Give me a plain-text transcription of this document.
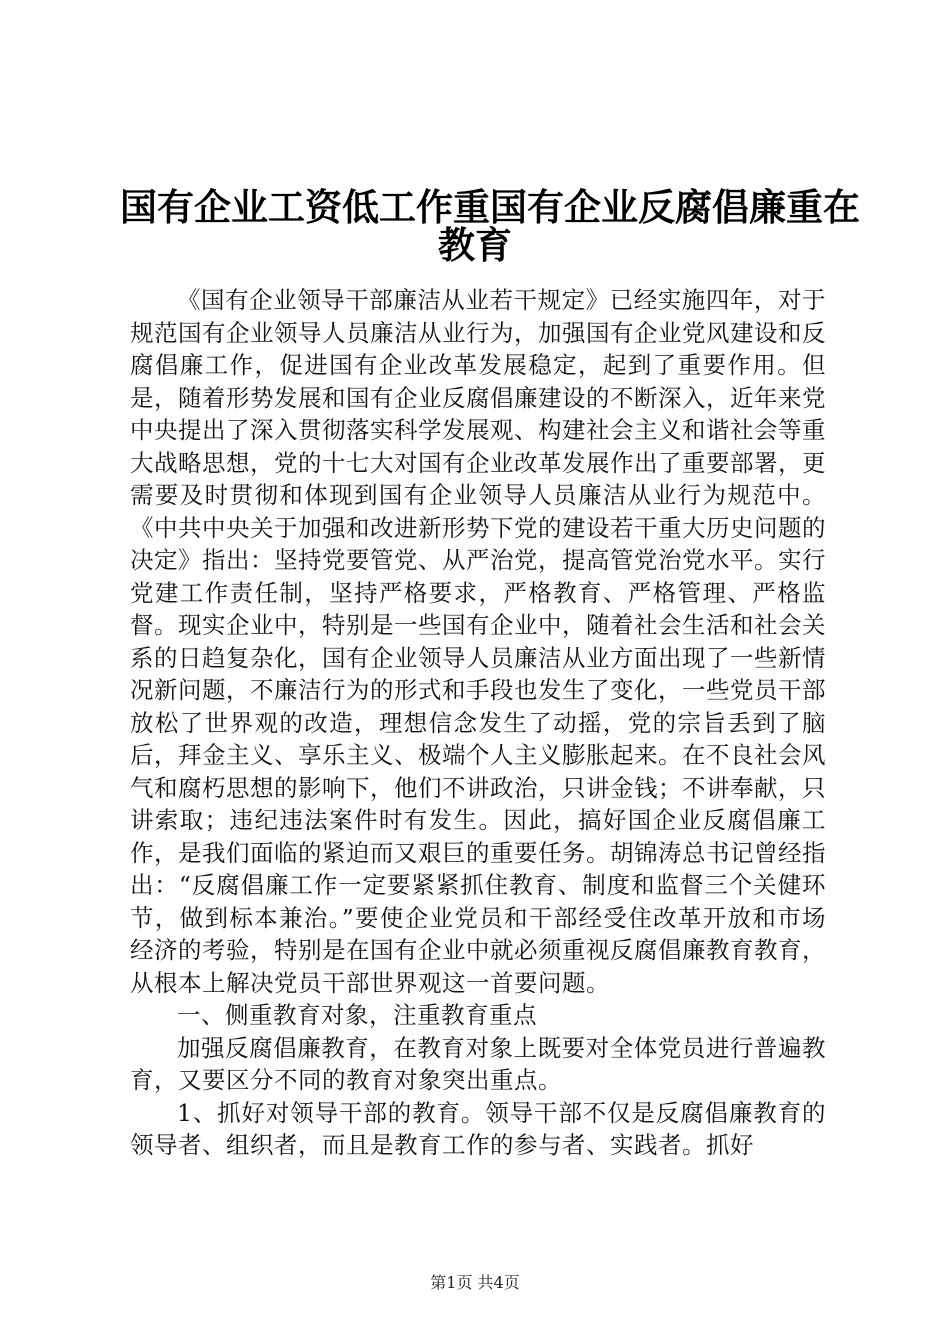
国有企业工资低工作重国有企业反腐倡廉重在
教育

《国有企业领导干部廉洁从业若干规定》已经实施四年，对于规范国有企业领导人员廉洁从业行为，加强国有企业党风建设和反腐倡廉工作，促进国有企业改革发展稳定，起到了重要作用。但是，随着形势发展和国有企业反腐倡廉建设的不断深入，近年来党中央提出了深入贯彻落实科学发展观、构建社会主义和谐社会等重大战略思想，党的十七大对国有企业改革发展作出了重要部署，更需要及时贯彻和体现到国有企业领导人员廉洁从业行为规范中。《中共中央关于加强和改进新形势下党的建设若干重大历史问题的决定》指出：坚持党要管党、从严治党，提高管党治党水平。实行党建工作责任制，坚持严格要求，严格教育、严格管理、严格监督。现实企业中，特别是一些国有企业中，随着社会生活和社会关系的日趋复杂化，国有企业领导人员廉洁从业方面出现了一些新情况新问题，不廉洁行为的形式和手段也发生了变化，一些党员干部放松了世界观的改造，理想信念发生了动摇，党的宗旨丢到了脑后，拜金主义、享乐主义、极端个人主义膨胀起来。在不良社会风气和腐朽思想的影响下，他们不讲政治，只讲金钱；不讲奉献，只讲索取；违纪违法案件时有发生。因此，搞好国企业反腐倡廉工作，是我们面临的紧迫而又艰巨的重要任务。胡锦涛总书记曾经指出：“反腐倡廉工作一定要紧紧抓住教育、制度和监督三个关健环节，做到标本兼治。”要使企业党员和干部经受住改革开放和市场经济的考验，特别是在国有企业中就必须重视反腐倡廉教育教育，从根本上解决党员干部世界观这一首要问题。

一、侧重教育对象，注重教育重点

加强反腐倡廉教育，在教育对象上既要对全体党员进行普遍教育，又要区分不同的教育对象突出重点。

1、抓好对领导干部的教育。领导干部不仅是反腐倡廉教育的领导者、组织者，而且是教育工作的参与者、实践者。抓好

第1页 共4页
